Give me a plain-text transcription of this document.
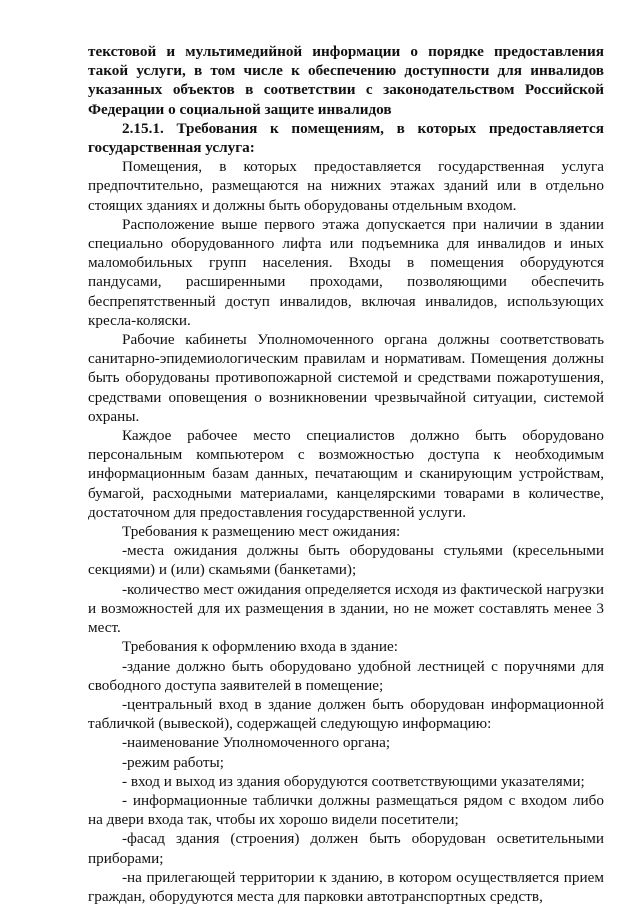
текстовой и мультимедийной информации о порядке предоставления такой услуги, в том числе к обеспечению доступности для инвалидов указанных объектов в соответствии с законодательством Российской Федерации о социальной защите инвалидов

2.15.1. Требования к помещениям, в которых предоставляется государственная услуга:

Помещения, в которых предоставляется государственная услуга предпочтительно, размещаются на нижних этажах зданий или в отдельно стоящих зданиях и должны быть оборудованы отдельным входом.

Расположение выше первого этажа допускается при наличии в здании специально оборудованного лифта или подъемника для инвалидов и иных маломобильных групп населения. Входы в помещения оборудуются пандусами, расширенными проходами, позволяющими обеспечить беспрепятственный доступ инвалидов, включая инвалидов, использующих кресла-коляски.

Рабочие кабинеты Уполномоченного органа должны соответствовать санитарно-эпидемиологическим правилам и нормативам. Помещения должны быть оборудованы противопожарной системой и средствами пожаротушения, средствами оповещения о возникновении чрезвычайной ситуации, системой охраны.

Каждое рабочее место специалистов должно быть оборудовано персональным компьютером с возможностью доступа к необходимым информационным базам данных, печатающим и сканирующим устройствам, бумагой, расходными материалами, канцелярскими товарами в количестве, достаточном для предоставления государственной услуги.

Требования к размещению мест ожидания:

-места ожидания должны быть оборудованы стульями (кресельными секциями) и (или) скамьями (банкетами);

-количество мест ожидания определяется исходя из фактической нагрузки и возможностей для их размещения в здании, но не может составлять менее 3 мест.

Требования к оформлению входа в здание:

-здание должно быть оборудовано удобной лестницей с поручнями для свободного доступа заявителей в помещение;

-центральный вход в здание должен быть оборудован информационной табличкой (вывеской), содержащей следующую информацию:

-наименование Уполномоченного органа;

-режим работы;

- вход и выход из здания оборудуются соответствующими указателями;

- информационные таблички должны размещаться рядом с входом либо на двери входа так, чтобы их хорошо видели посетители;

-фасад здания (строения) должен быть оборудован осветительными приборами;

-на прилегающей территории к зданию, в котором осуществляется прием граждан, оборудуются места для парковки автотранспортных средств,
